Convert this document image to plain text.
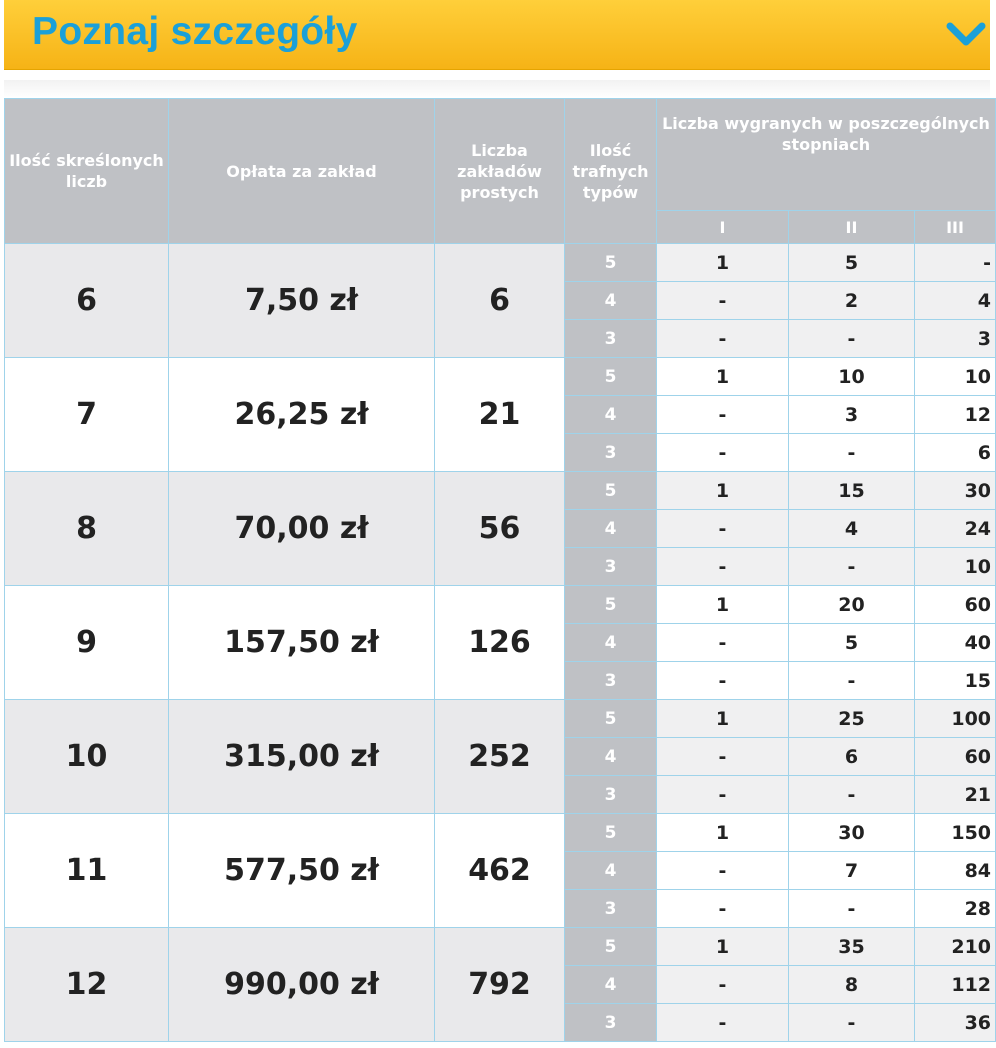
Poznaj szczegóły
Ilość skreślonych liczb	Opłata za zakład	Liczba zakładów prostych	Ilość trafnych typów	Liczba wygranych w poszczególnych stopniach		
				I	II	III
6	7,50 zł	6	5	1	5	-
			4	-	2	4
			3	-	-	3
7	26,25 zł	21	5	1	10	10
			4	-	3	12
			3	-	-	6
8	70,00 zł	56	5	1	15	30
			4	-	4	24
			3	-	-	10
9	157,50 zł	126	5	1	20	60
			4	-	5	40
			3	-	-	15
10	315,00 zł	252	5	1	25	100
			4	-	6	60
			3	-	-	21
11	577,50 zł	462	5	1	30	150
			4	-	7	84
			3	-	-	28
12	990,00 zł	792	5	1	35	210
			4	-	8	112
			3	-	-	36
